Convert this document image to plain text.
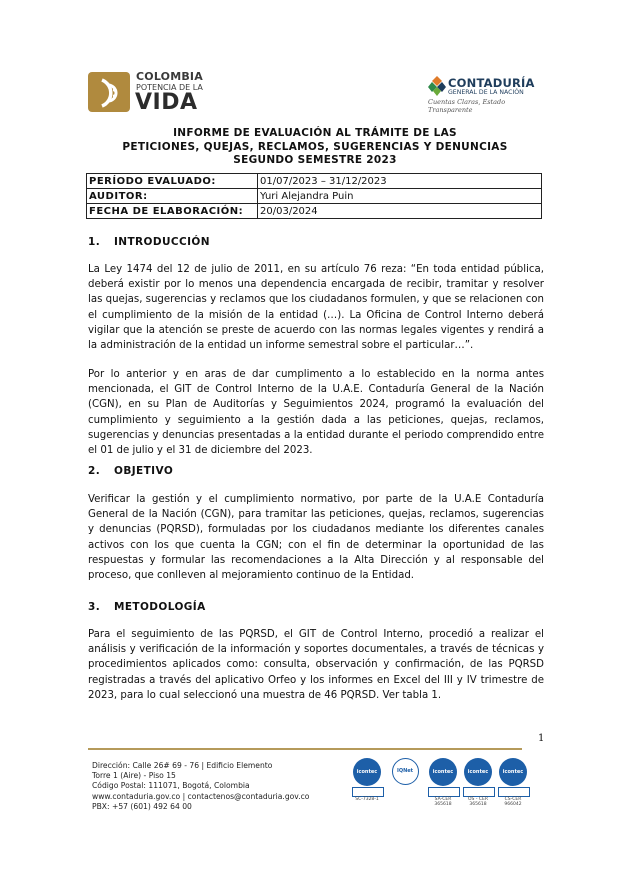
COLOMBIA
POTENCIA DE LA
VIDA
CONTADURÍA
GENERAL DE LA NACIÓN
Cuentas Claras, Estado Transparente
INFORME DE EVALUACIÓN AL TRÁMITE DE LAS
PETICIONES, QUEJAS, RECLAMOS, SUGERENCIAS Y DENUNCIAS
SEGUNDO SEMESTRE 2023
PERÍODO EVALUADO:	01/07/2023 – 31/12/2023
AUDITOR:	Yuri Alejandra Puin
FECHA DE ELABORACIÓN:	20/03/2024
1. INTRODUCCIÓN
La Ley 1474 del 12 de julio de 2011, en su artículo 76 reza: “En toda entidad pública, deberá existir por lo menos una dependencia encargada de recibir, tramitar y resolver las quejas, sugerencias y reclamos que los ciudadanos formulen, y que se relacionen con el cumplimiento de la misión de la entidad (…). La Oficina de Control Interno deberá vigilar que la atención se preste de acuerdo con las normas legales vigentes y rendirá a la administración de la entidad un informe semestral sobre el particular…”.
Por lo anterior y en aras de dar cumplimento a lo establecido en la norma antes mencionada, el GIT de Control Interno de la U.A.E. Contaduría General de la Nación (CGN), en su Plan de Auditorías y Seguimientos 2024, programó la evaluación del cumplimiento y seguimiento a la gestión dada a las peticiones, quejas, reclamos, sugerencias y denuncias presentadas a la entidad durante el periodo comprendido entre el 01 de julio y el 31 de diciembre del 2023.
2. OBJETIVO
Verificar la gestión y el cumplimiento normativo, por parte de la U.A.E Contaduría General de la Nación (CGN), para tramitar las peticiones, quejas, reclamos, sugerencias y denuncias (PQRSD), formuladas por los ciudadanos mediante los diferentes canales activos con los que cuenta la CGN; con el fin de determinar la oportunidad de las respuestas y formular las recomendaciones a la Alta Dirección y al responsable del proceso, que conlleven al mejoramiento continuo de la Entidad.
3. METODOLOGÍA
Para el seguimiento de las PQRSD, el GIT de Control Interno, procedió a realizar el análisis y verificación de la información y soportes documentales, a través de técnicas y procedimientos aplicados como: consulta, observación y confirmación, de las PQRSD registradas a través del aplicativo Orfeo y los informes en Excel del III y IV trimestre de 2023, para lo cual seleccionó una muestra de 46 PQRSD. Ver tabla 1.
1
Dirección: Calle 26# 69 - 76 | Edificio Elemento
Torre 1 (Aire) - Piso 15
Código Postal: 111071, Bogotá, Colombia
www.contaduria.gov.co | contactenos@contaduria.gov.co
PBX: +57 (601) 492 64 00
icontec
SC-7328-1
IQNet	icontec
SA-CER 365618
icontec
OS - CER 365618
icontec
CS-CER 966042
